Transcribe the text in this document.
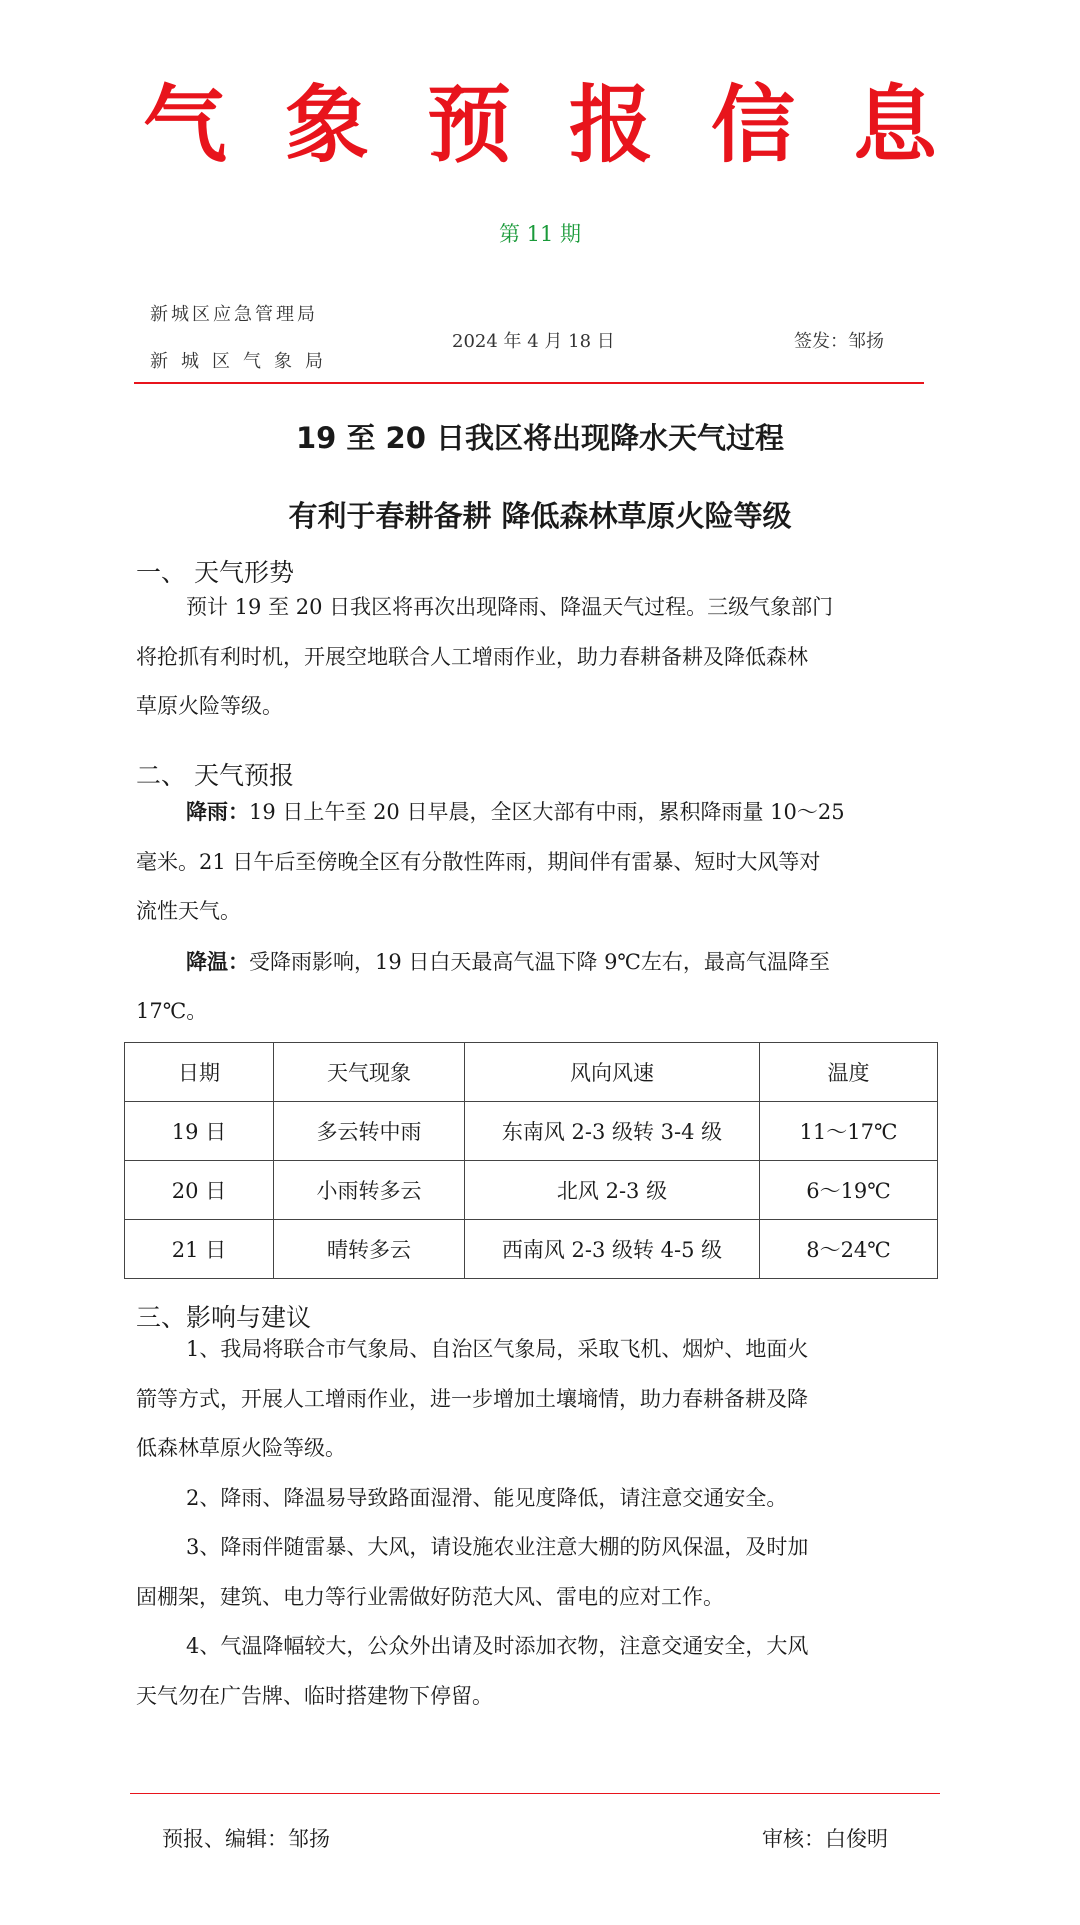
气象预报信息
第 11 期
新城区应急管理局
新城区气象局
2024 年 4 月 18 日	签发：邹扬
19 至 20 日我区将出现降水天气过程
有利于春耕备耕 降低森林草原火险等级
一、 天气形势
预计 19 至 20 日我区将再次出现降雨、降温天气过程。三级气象部门
将抢抓有利时机，开展空地联合人工增雨作业，助力春耕备耕及降低森林
草原火险等级。
二、 天气预报
降雨：19 日上午至 20 日早晨，全区大部有中雨，累积降雨量 10～25
毫米。21 日午后至傍晚全区有分散性阵雨，期间伴有雷暴、短时大风等对
流性天气。
降温：受降雨影响，19 日白天最高气温下降 9℃左右，最高气温降至
17℃。
日期	天气现象	风向风速	温度
19 日	多云转中雨	东南风 2-3 级转 3-4 级	11～17℃
20 日	小雨转多云	北风 2-3 级	6～19℃
21 日	晴转多云	西南风 2-3 级转 4-5 级	8～24℃
三、影响与建议
1、我局将联合市气象局、自治区气象局，采取飞机、烟炉、地面火
箭等方式，开展人工增雨作业，进一步增加土壤墒情，助力春耕备耕及降
低森林草原火险等级。
2、降雨、降温易导致路面湿滑、能见度降低，请注意交通安全。
3、降雨伴随雷暴、大风，请设施农业注意大棚的防风保温，及时加
固棚架，建筑、电力等行业需做好防范大风、雷电的应对工作。
4、气温降幅较大，公众外出请及时添加衣物，注意交通安全，大风
天气勿在广告牌、临时搭建物下停留。
预报、编辑：邹扬	审核：白俊明
